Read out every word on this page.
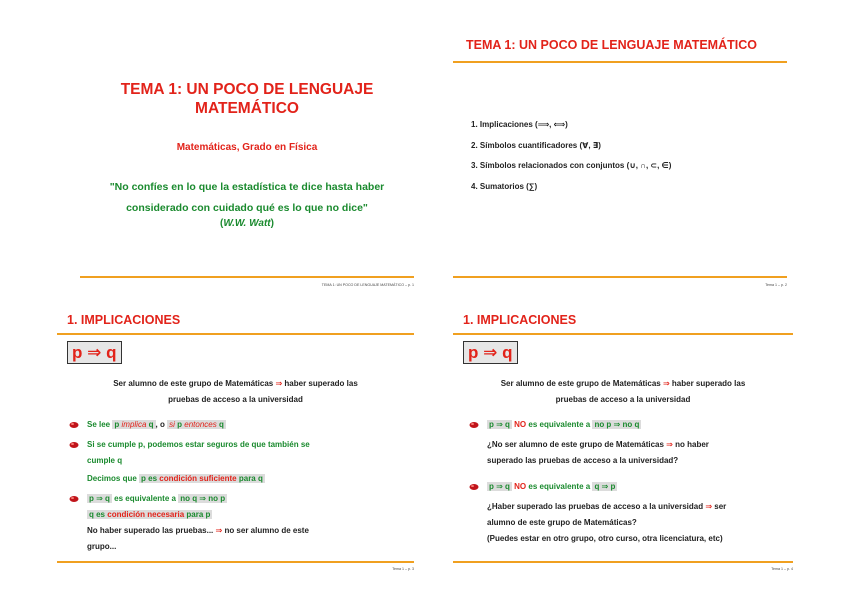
TEMA 1: UN POCO DE LENGUAJE
MATEMÁTICO
Matemáticas, Grado en Física
"No confíes en lo que la estadística te dice hasta haber
considerado con cuidado qué es lo que no dice"
(W.W. Watt)
TEMA 1: UN POCO DE LENGUAJE MATEMÁTICO – p. 1
TEMA 1: UN POCO DE LENGUAJE MATEMÁTICO
1. Implicaciones (⟹, ⟺)
2. Símbolos cuantificadores (∀, ∃)
3. Símbolos relacionados con conjuntos (∪, ∩, ⊂, ∈)
4. Sumatorios (∑)
Tema 1 – p. 2
1. IMPLICACIONES
p ⇒ q
Ser alumno de este grupo de Matemáticas ⇒ haber superado las
pruebas de acceso a la universidad
Se lee p implica q , o si p entonces q
Si se cumple p, podemos estar seguros de que también se
cumple q
Decimos que p es condición suficiente para q
p ⇒ q es equivalente a no q ⇒ no p
q es condición necesaria para p
No haber superado las pruebas... ⇒ no ser alumno de este
grupo...
Tema 1 – p. 3
1. IMPLICACIONES
p ⇒ q
Ser alumno de este grupo de Matemáticas ⇒ haber superado las
pruebas de acceso a la universidad
p ⇒ q NO es equivalente a no p ⇒ no q
¿No ser alumno de este grupo de Matemáticas ⇒ no haber
superado las pruebas de acceso a la universidad?
p ⇒ q NO es equivalente a q ⇒ p
¿Haber superado las pruebas de acceso a la universidad ⇒ ser
alumno de este grupo de Matemáticas?
(Puedes estar en otro grupo, otro curso, otra licenciatura, etc)
Tema 1 – p. 4
